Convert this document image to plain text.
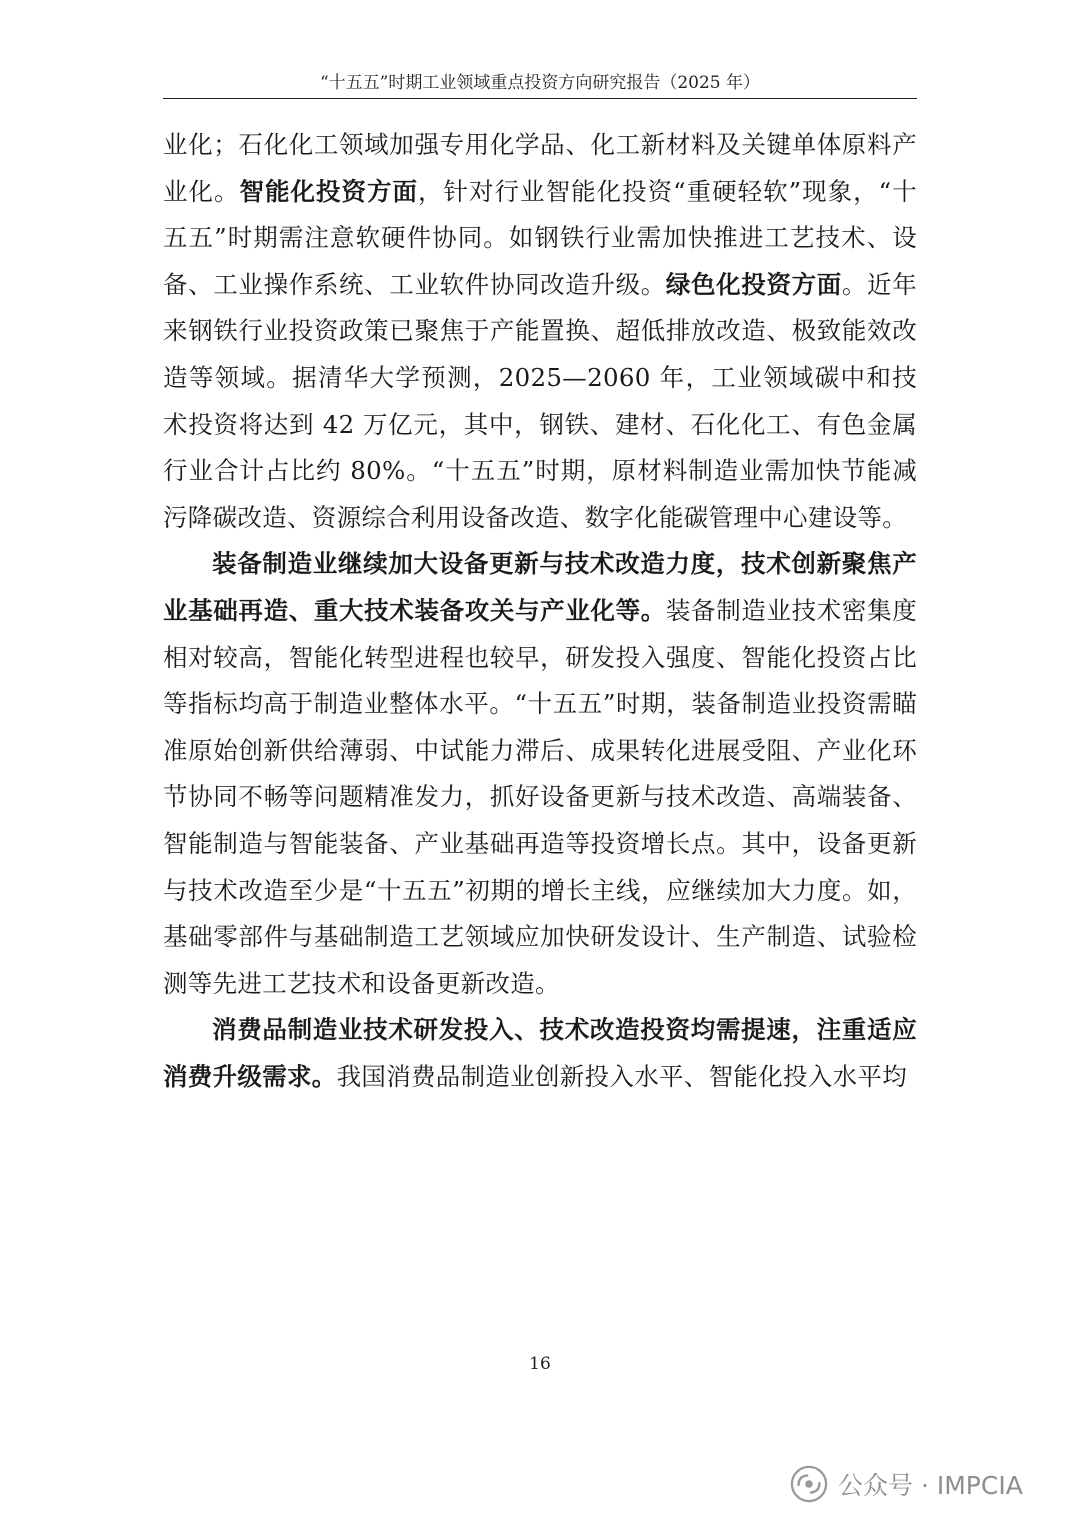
“十五五”时期工业领域重点投资方向研究报告（2025 年）

业化；石化化工领域加强专用化学品、化工新材料及关键单体原料产业化。智能化投资方面，针对行业智能化投资“重硬轻软”现象，“十五五”时期需注意软硬件协同。如钢铁行业需加快推进工艺技术、设备、工业操作系统、工业软件协同改造升级。绿色化投资方面。近年来钢铁行业投资政策已聚焦于产能置换、超低排放改造、极致能效改造等领域。据清华大学预测，2025—2060 年，工业领域碳中和技术投资将达到 42 万亿元，其中，钢铁、建材、石化化工、有色金属行业合计占比约 80%。“十五五”时期，原材料制造业需加快节能减污降碳改造、资源综合利用设备改造、数字化能碳管理中心建设等。

装备制造业继续加大设备更新与技术改造力度，技术创新聚焦产业基础再造、重大技术装备攻关与产业化等。装备制造业技术密集度相对较高，智能化转型进程也较早，研发投入强度、智能化投资占比等指标均高于制造业整体水平。“十五五”时期，装备制造业投资需瞄准原始创新供给薄弱、中试能力滞后、成果转化进展受阻、产业化环节协同不畅等问题精准发力，抓好设备更新与技术改造、高端装备、智能制造与智能装备、产业基础再造等投资增长点。其中，设备更新与技术改造至少是“十五五”初期的增长主线，应继续加大力度。如，基础零部件与基础制造工艺领域应加快研发设计、生产制造、试验检测等先进工艺技术和设备更新改造。

消费品制造业技术研发投入、技术改造投资均需提速，注重适应消费升级需求。我国消费品制造业创新投入水平、智能化投入水平均

16
公众号 · IMPCIA
